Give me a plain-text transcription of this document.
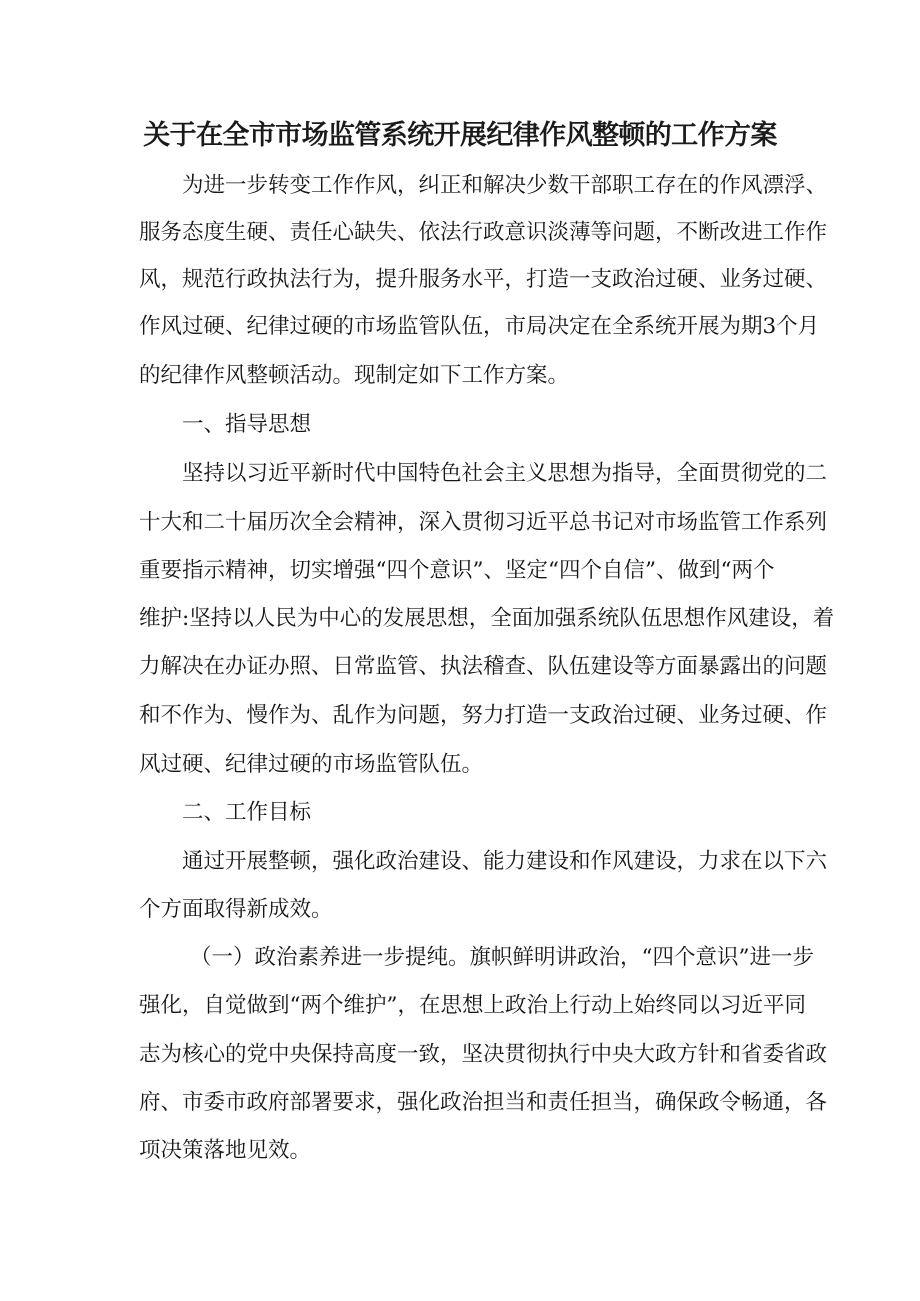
关于在全市市场监管系统开展纪律作风整顿的工作方案

为进一步转变工作作风，纠正和解决少数干部职工存在的作风漂浮、

服务态度生硬、责任心缺失、依法行政意识淡薄等问题，不断改进工作作

风，规范行政执法行为，提升服务水平，打造一支政治过硬、业务过硬、

作风过硬、纪律过硬的市场监管队伍，市局决定在全系统开展为期3个月

的纪律作风整顿活动。现制定如下工作方案。

一、指导思想

坚持以习近平新时代中国特色社会主义思想为指导，全面贯彻党的二

十大和二十届历次全会精神，深入贯彻习近平总书记对市场监管工作系列

重要指示精神，切实增强“四个意识”、坚定“四个自信”、做到“两个

维护:坚持以人民为中心的发展思想，全面加强系统队伍思想作风建设，着

力解决在办证办照、日常监管、执法稽查、队伍建设等方面暴露出的问题

和不作为、慢作为、乱作为问题，努力打造一支政治过硬、业务过硬、作

风过硬、纪律过硬的市场监管队伍。

二、工作目标

通过开展整顿，强化政治建设、能力建设和作风建设，力求在以下六

个方面取得新成效。

（一）政治素养进一步提纯。旗帜鲜明讲政治，“四个意识”进一步

强化，自觉做到“两个维护”，在思想上政治上行动上始终同以习近平同

志为核心的党中央保持高度一致，坚决贯彻执行中央大政方针和省委省政

府、市委市政府部署要求，强化政治担当和责任担当，确保政令畅通，各

项决策落地见效。
